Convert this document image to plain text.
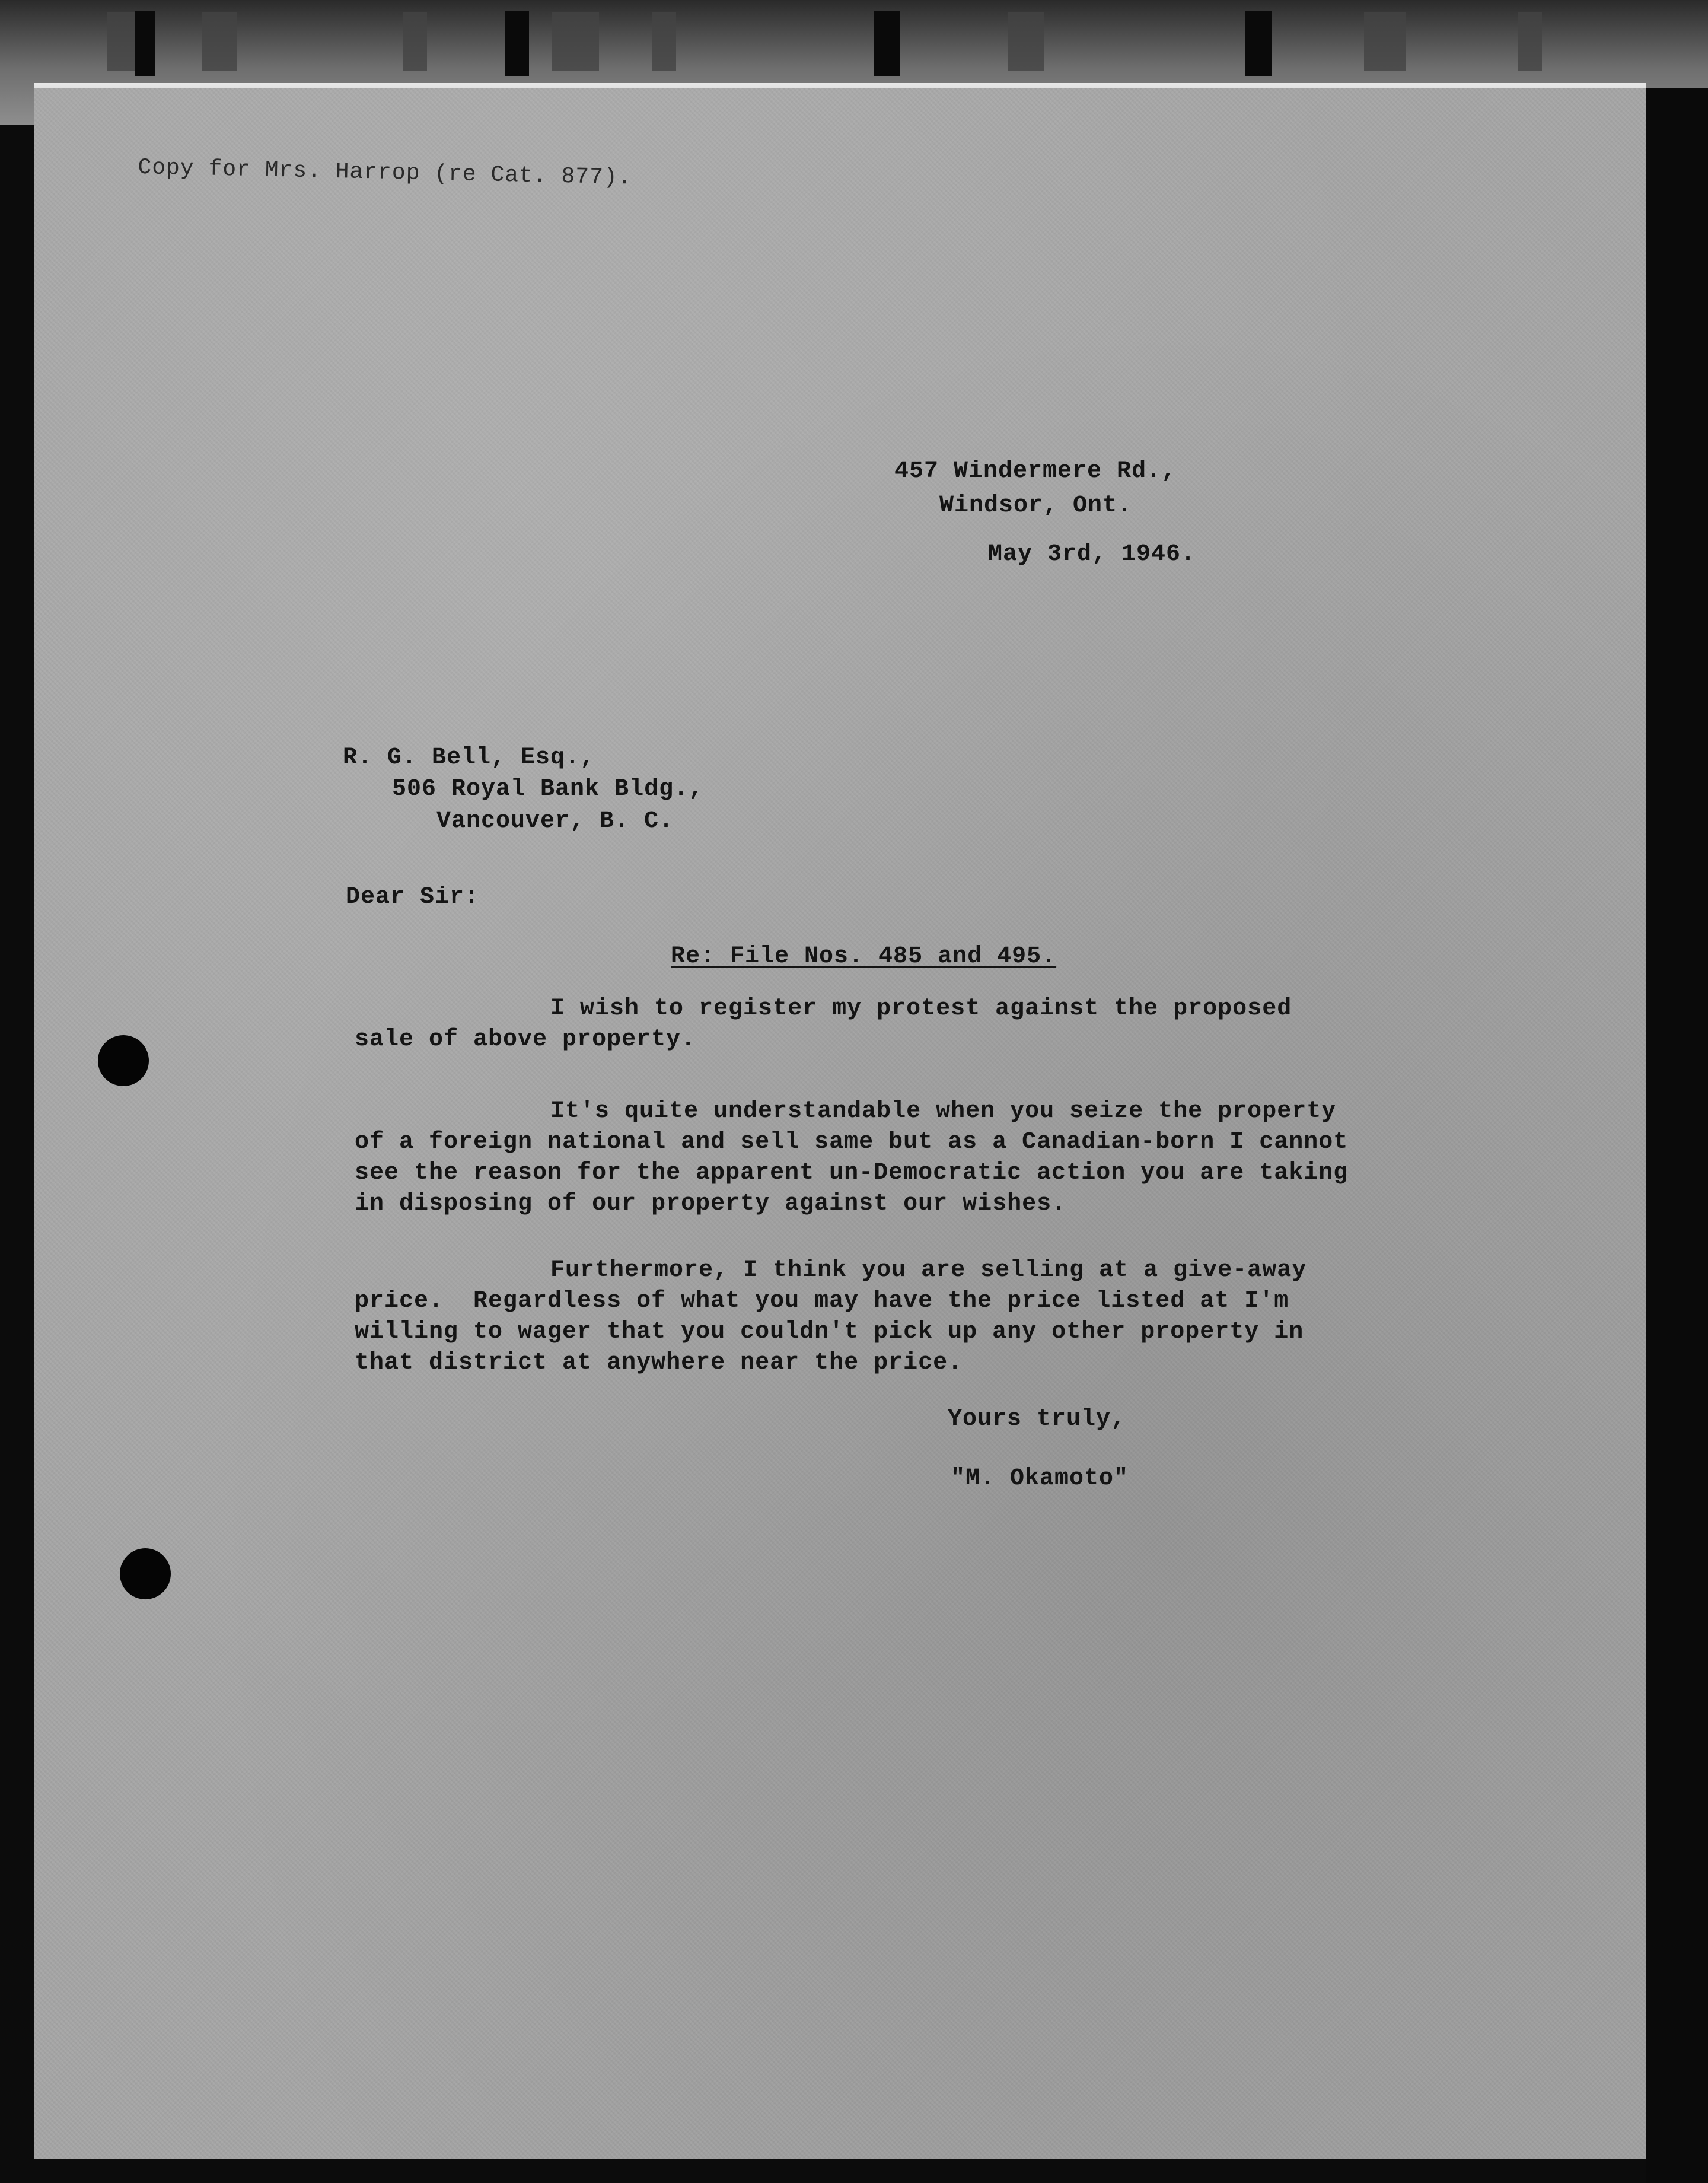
Copy for Mrs. Harrop (re Cat. 877).
457 Windermere Rd.,
Windsor, Ont.
May 3rd, 1946.
R. G. Bell, Esq.,
506 Royal Bank Bldg.,
Vancouver, B. C.
Dear Sir:
Re: File Nos. 485 and 495.
I wish to register my protest against the proposed
sale of above property.
It's quite understandable when you seize the property
of a foreign national and sell same but as a Canadian-born I cannot
see the reason for the apparent un-Democratic action you are taking
in disposing of our property against our wishes.
Furthermore, I think you are selling at a give-away
price.  Regardless of what you may have the price listed at I'm
willing to wager that you couldn't pick up any other property in
that district at anywhere near the price.
Yours truly,
"M. Okamoto"
